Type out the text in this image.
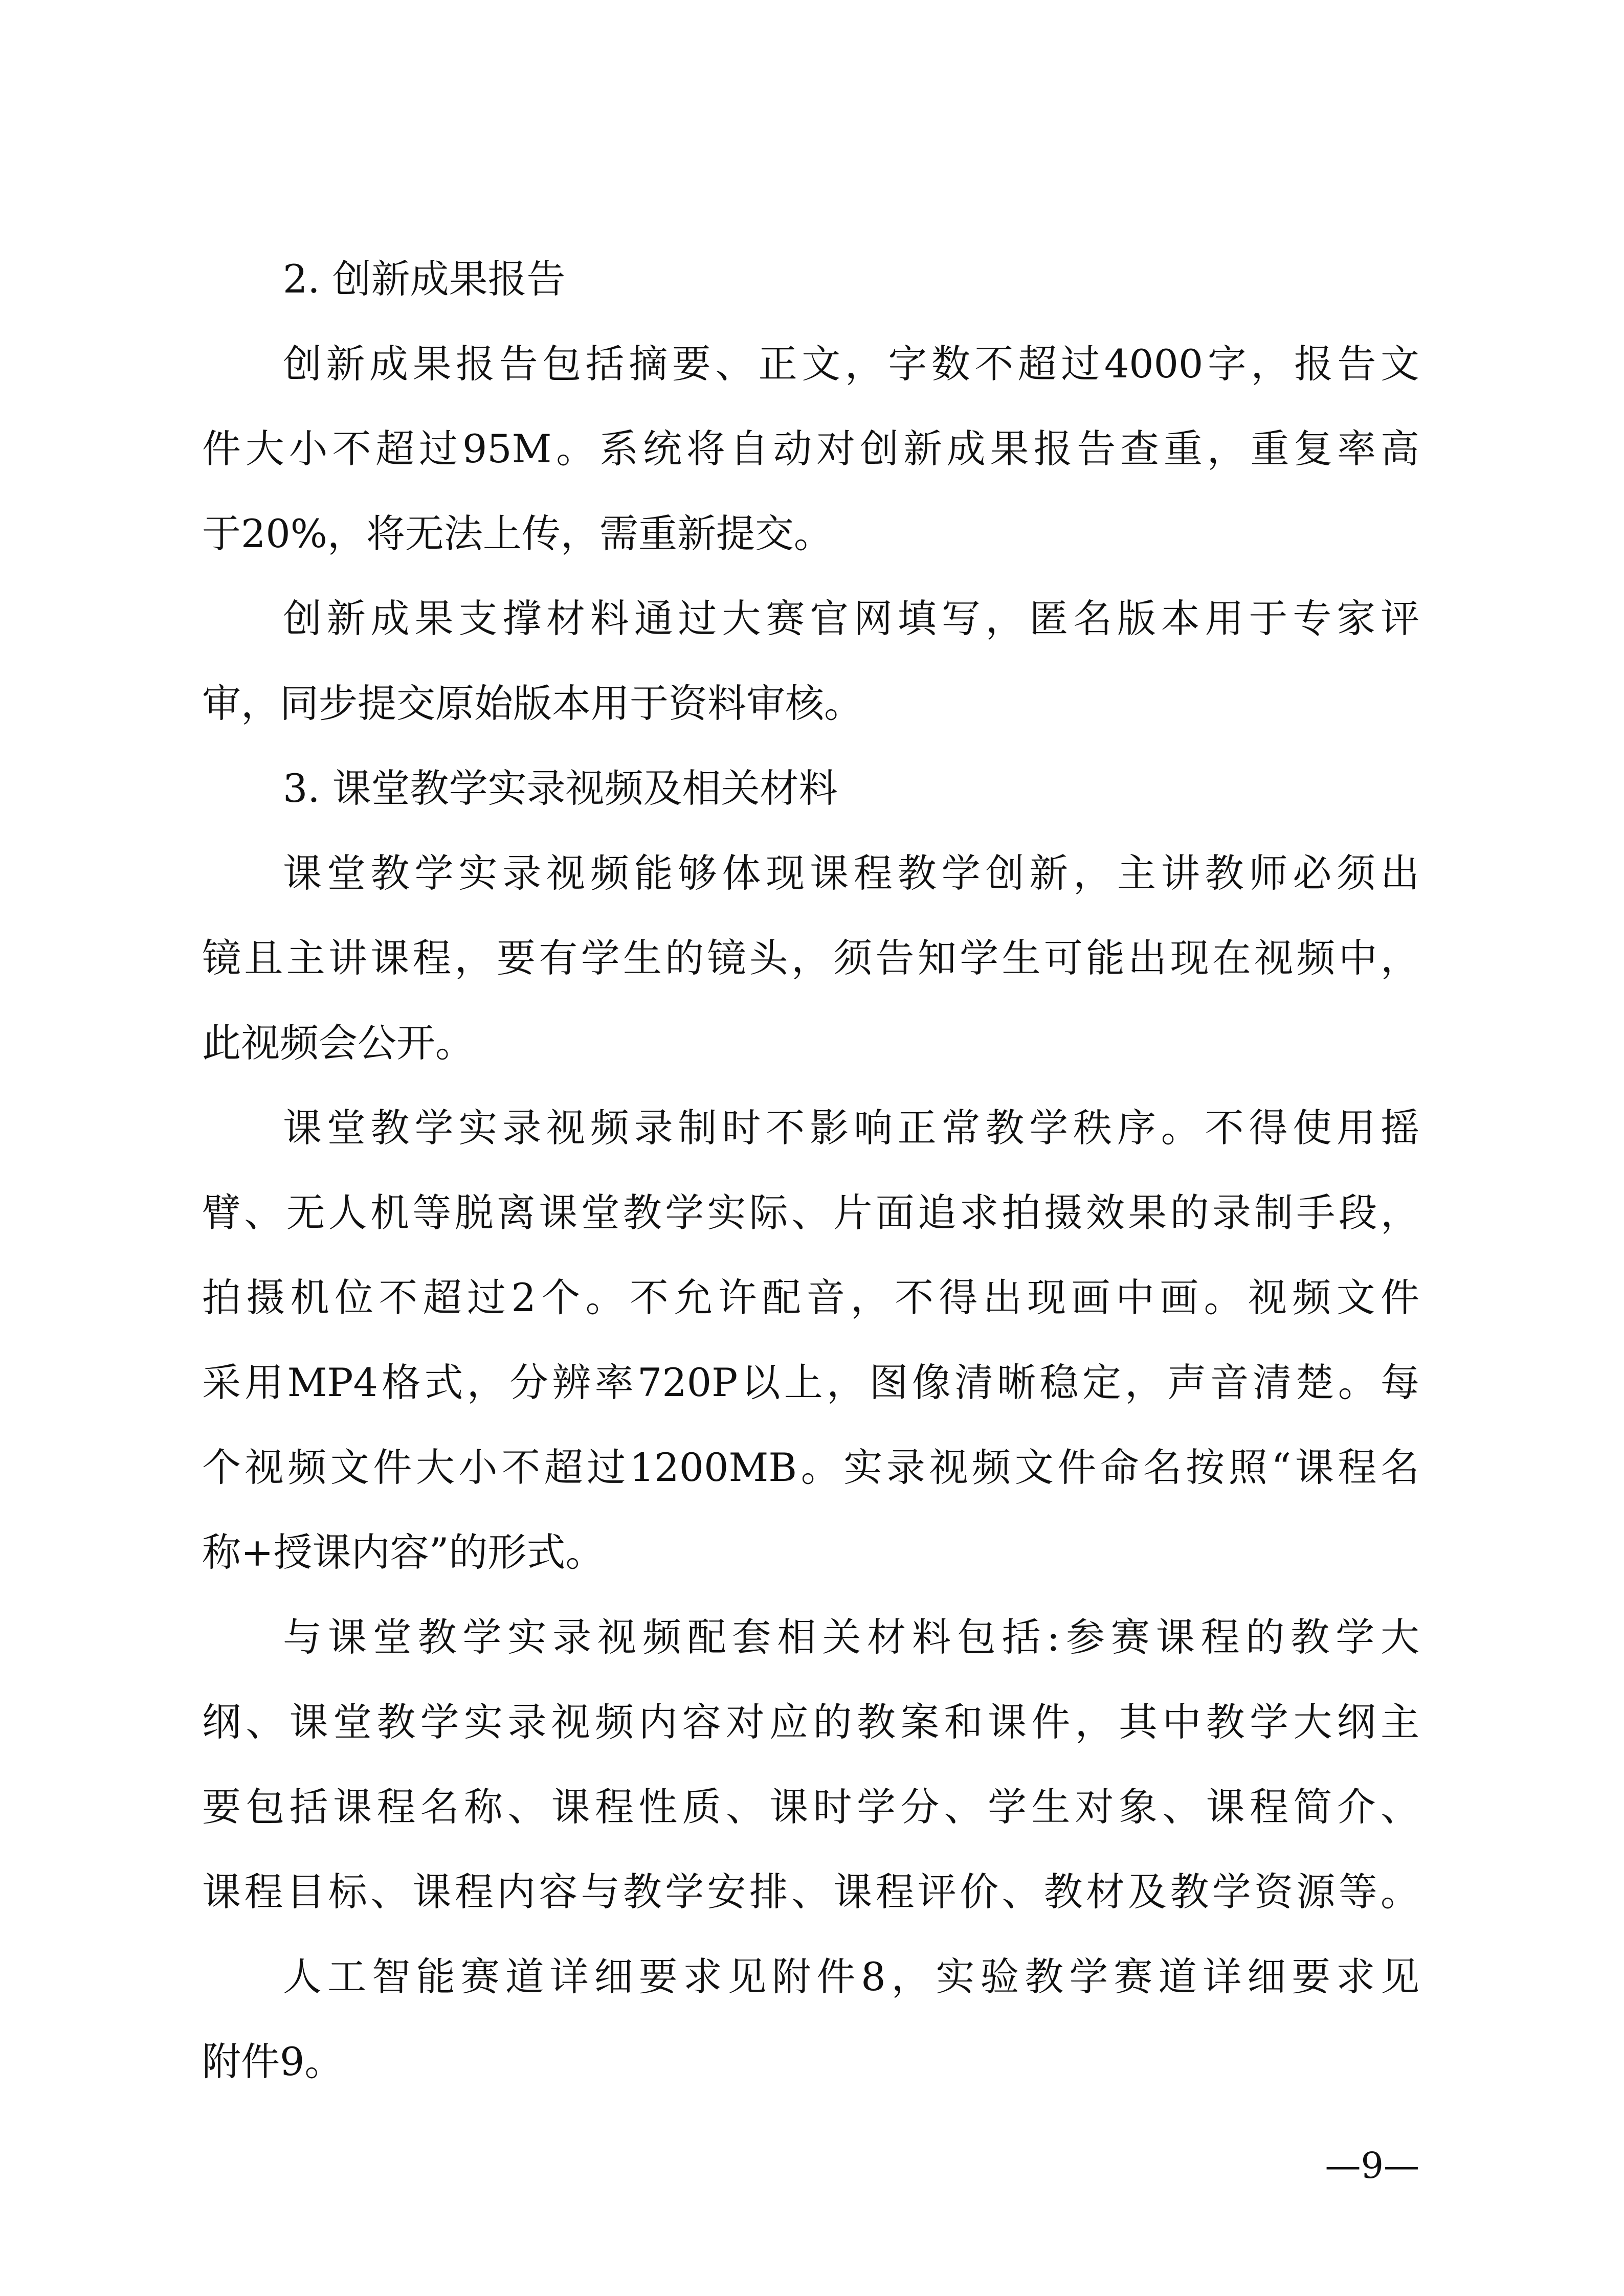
2. 创新成果报告
创新成果报告包括摘要、正文，字数不超过4000字，报告文
件大小不超过95M。系统将自动对创新成果报告查重，重复率高
于20%，将无法上传，需重新提交。
创新成果支撑材料通过大赛官网填写，匿名版本用于专家评
审，同步提交原始版本用于资料审核。
3. 课堂教学实录视频及相关材料
课堂教学实录视频能够体现课程教学创新，主讲教师必须出
镜且主讲课程，要有学生的镜头，须告知学生可能出现在视频中，
此视频会公开。
课堂教学实录视频录制时不影响正常教学秩序。不得使用摇
臂、无人机等脱离课堂教学实际、片面追求拍摄效果的录制手段，
拍摄机位不超过2个。不允许配音，不得出现画中画。视频文件
采用MP4格式，分辨率720P以上，图像清晰稳定，声音清楚。每
个视频文件大小不超过1200MB。实录视频文件命名按照“课程名
称+授课内容”的形式。
与课堂教学实录视频配套相关材料包括:参赛课程的教学大
纲、课堂教学实录视频内容对应的教案和课件，其中教学大纲主
要包括课程名称、课程性质、课时学分、学生对象、课程简介、
课程目标、课程内容与教学安排、课程评价、教材及教学资源等。
人工智能赛道详细要求见附件8，实验教学赛道详细要求见
附件9。
—9—
